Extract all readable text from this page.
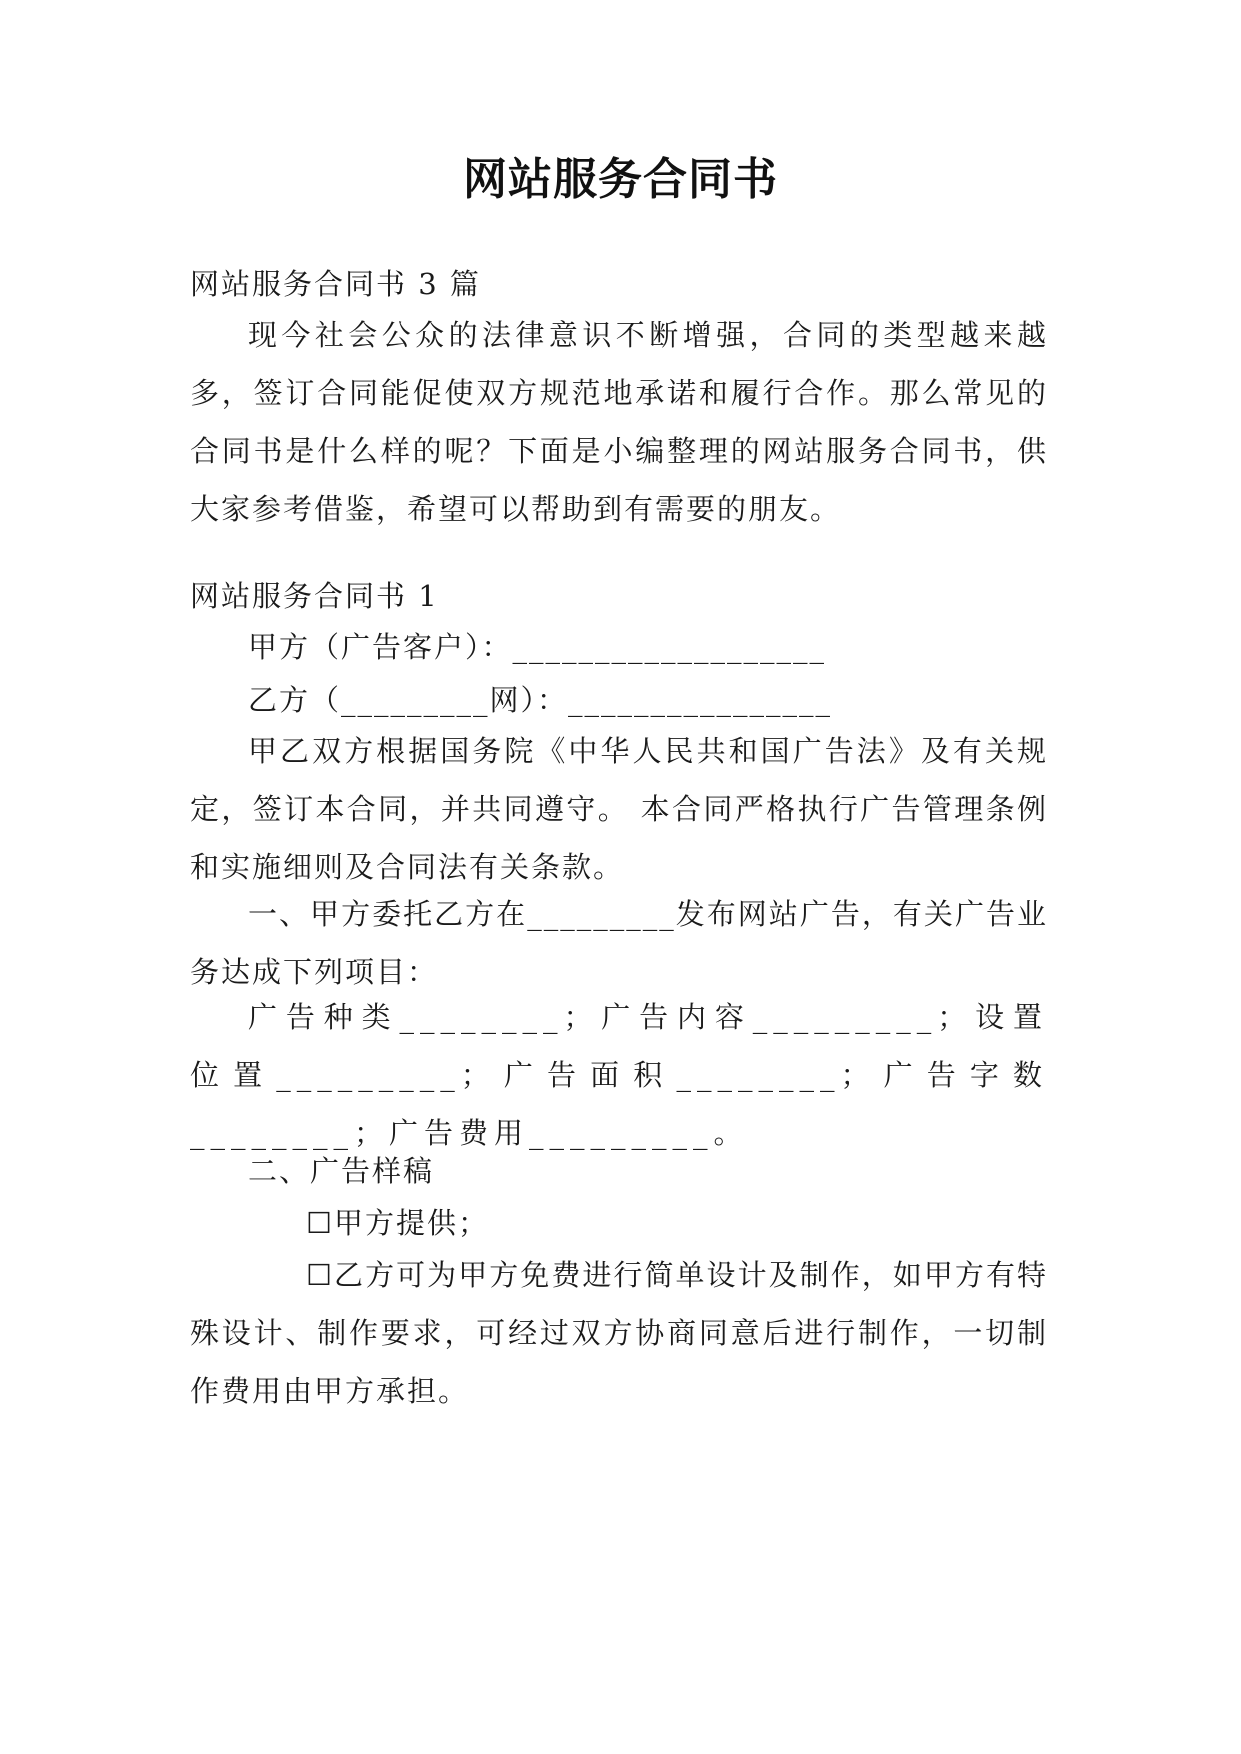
网站服务合同书
网站服务合同书 3 篇
现今社会公众的法律意识不断增强，合同的类型越来越多，签订合同能促使双方规范地承诺和履行合作。那么常见的合同书是什么样的呢？下面是小编整理的网站服务合同书，供大家参考借鉴，希望可以帮助到有需要的朋友。
网站服务合同书 1
甲方（广告客户）：___________________
乙方（_________网）：________________
甲乙双方根据国务院《中华人民共和国广告法》及有关规定，签订本合同，并共同遵守。 本合同严格执行广告管理条例和实施细则及合同法有关条款。
一、甲方委托乙方在_________发布网站广告，有关广告业务达成下列项目：
广告种类________；广告内容_________；设置位置_________；广告面积________；广告字数________；广告费用_________。
二、广告样稿
☐甲方提供；
☐乙方可为甲方免费进行简单设计及制作，如甲方有特殊设计、制作要求，可经过双方协商同意后进行制作，一切制作费用由甲方承担。
